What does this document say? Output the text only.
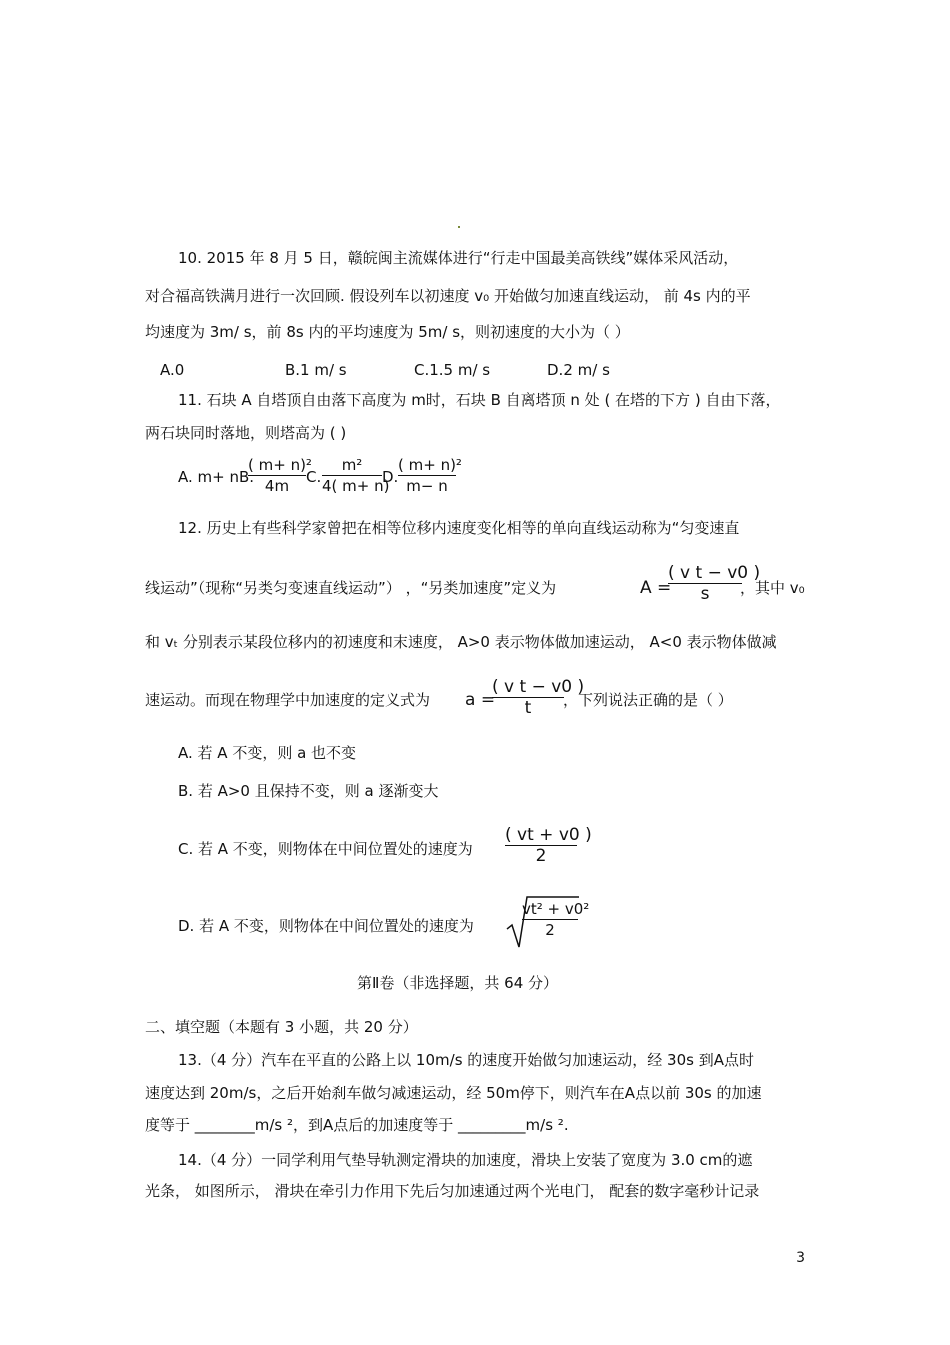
10. 2015 年 8 月 5 日，赣皖闽主流媒体进行“行走中国最美高铁线”媒体采风活动，
对合福高铁满月进行一次回顾. 假设列车以初速度 v₀ 开始做匀加速直线运动， 前 4s 内的平
均速度为 3m/ s，前 8s 内的平均速度为 5m/ s，则初速度的大小为（ ）
A.0	B.1 m/ s	C.1.5 m/ s	D.2 m/ s
11. 石块 A 自塔顶自由落下高度为 m时，石块 B 自离塔顶 n 处 ( 在塔的下方 ) 自由下落，
两石块同时落地，则塔高为 ( )
A. m+ nB.
( m+ n)²
4m	C.
m²
4( m+ n)
D.
( m+ n)²
m− n
12. 历史上有些科学家曾把在相等位移内速度变化相等的单向直线运动称为“匀变速直
线运动”（现称“另类匀变速直线运动”） ，“另类加速度”定义为	A =
( v t − v0 )
s	，其中 v₀
和 vₜ 分别表示某段位移内的初速度和末速度， A>0 表示物体做加速运动， A<0 表示物体做减
速运动。而现在物理学中加速度的定义式为 a =
( v t − v0 )
t	，下列说法正确的是（ ）
A. 若 A 不变，则 a 也不变
B. 若 A>0 且保持不变，则 a 逐渐变大
C. 若 A 不变，则物体在中间位置处的速度为
( vt + v0 )
2
D. 若 A 不变，则物体在中间位置处的速度为
vt² + v0²
2
第Ⅱ卷（非选择题，共 64 分）
二、填空题（本题有 3 小题，共 20 分）
13.（4 分）汽车在平直的公路上以 10m/s 的速度开始做匀加速运动，经 30s 到A点时
速度达到 20m/s，之后开始刹车做匀减速运动，经 50m停下，则汽车在A点以前 30s 的加速
度等于 ________m/s ²，到A点后的加速度等于 _________m/s ².
14.（4 分）一同学利用气垫导轨测定滑块的加速度，滑块上安装了宽度为 3.0 cm的遮
光条， 如图所示， 滑块在牵引力作用下先后匀加速通过两个光电门， 配套的数字毫秒计记录
3
